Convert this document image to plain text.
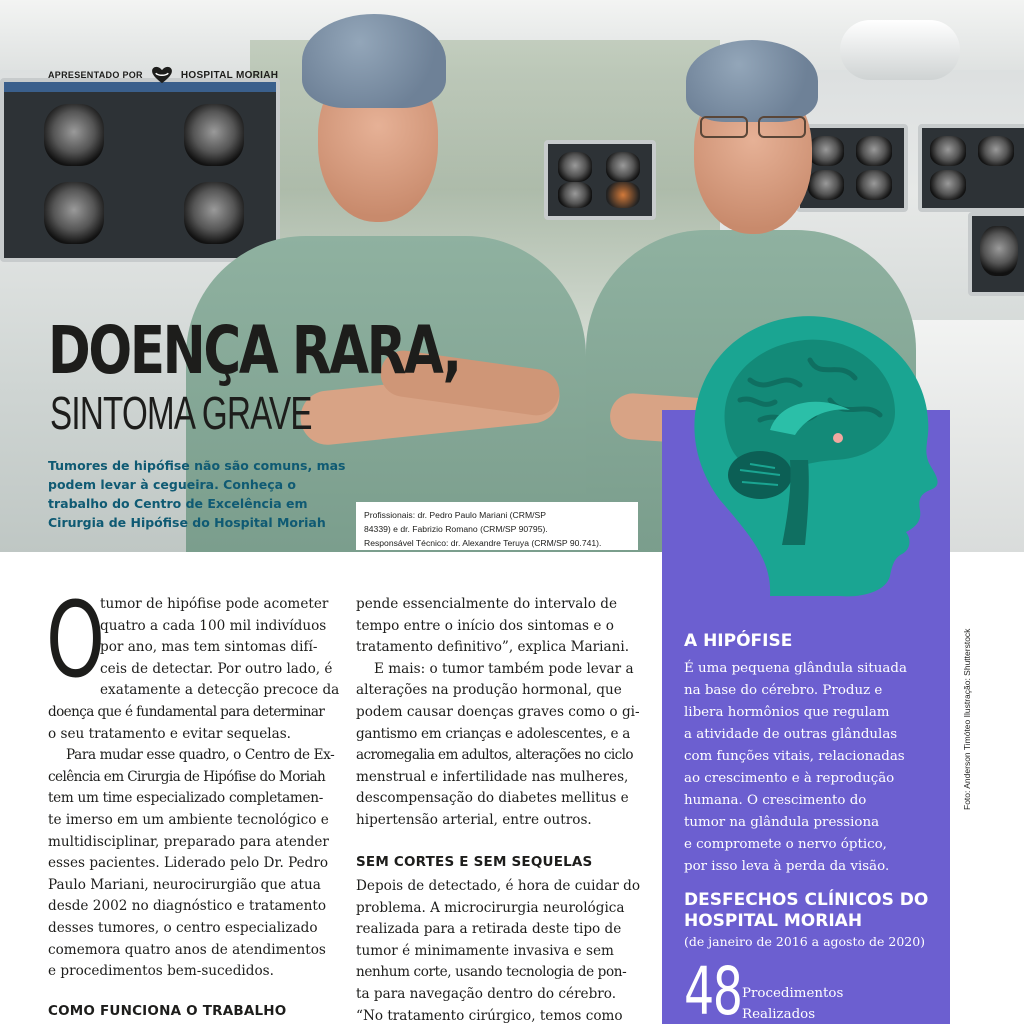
APRESENTADO POR	HOSPITAL MORIAH
DOENÇA RARA,
SINTOMA GRAVE
Tumores de hipófise não são comuns, mas podem levar à cegueira. Conheça o trabalho do Centro de Excelência em Cirurgia de Hipófise do Hospital Moriah	Profissionais: dr. Pedro Paulo Mariani (CRM/SP
84339) e dr. Fabrizio Romano (CRM/SP 90795).
Responsável Técnico: dr. Alexandre Teruya (CRM/SP 90.741).
A HIPÓFISE
É uma pequena glândula situada
na base do cérebro. Produz e
libera hormônios que regulam
a atividade de outras glândulas
com funções vitais, relacionadas
ao crescimento e à reprodução
humana. O crescimento do
tumor na glândula pressiona
e compromete o nervo óptico,
por isso leva à perda da visão.
DESFECHOS CLÍNICOS DO HOSPITAL MORIAH
(de janeiro de 2016 a agosto de 2020)
48 Procedimentos
Realizados
Foto: Anderson Timóteo Ilustração: Shutterstock
O
tumor de hipófise pode acometer
quatro a cada 100 mil indivíduos
por ano, mas tem sintomas difí-
ceis de detectar. Por outro lado, é
exatamente a detecção precoce da
doença que é fundamental para determinar
o seu tratamento e evitar sequelas.
Para mudar esse quadro, o Centro de Ex-
celência em Cirurgia de Hipófise do Moriah
tem um time especializado completamen-
te imerso em um ambiente tecnológico e
multidisciplinar, preparado para atender
esses pacientes. Liderado pelo Dr. Pedro
Paulo Mariani, neurocirurgião que atua
desde 2002 no diagnóstico e tratamento
desses tumores, o centro especializado
comemora quatro anos de atendimentos
e procedimentos bem-sucedidos.
COMO FUNCIONA O TRABALHO
pende essencialmente do intervalo de
tempo entre o início dos sintomas e o
tratamento definitivo”, explica Mariani.
E mais: o tumor também pode levar a
alterações na produção hormonal, que
podem causar doenças graves como o gi-
gantismo em crianças e adolescentes, e a
acromegalia em adultos, alterações no ciclo
menstrual e infertilidade nas mulheres,
descompensação do diabetes mellitus e
hipertensão arterial, entre outros.
SEM CORTES E SEM SEQUELAS
Depois de detectado, é hora de cuidar do
problema. A microcirurgia neurológica
realizada para a retirada deste tipo de
tumor é minimamente invasiva e sem
nenhum corte, usando tecnologia de pon-
ta para navegação dentro do cérebro.
“No tratamento cirúrgico, temos como
